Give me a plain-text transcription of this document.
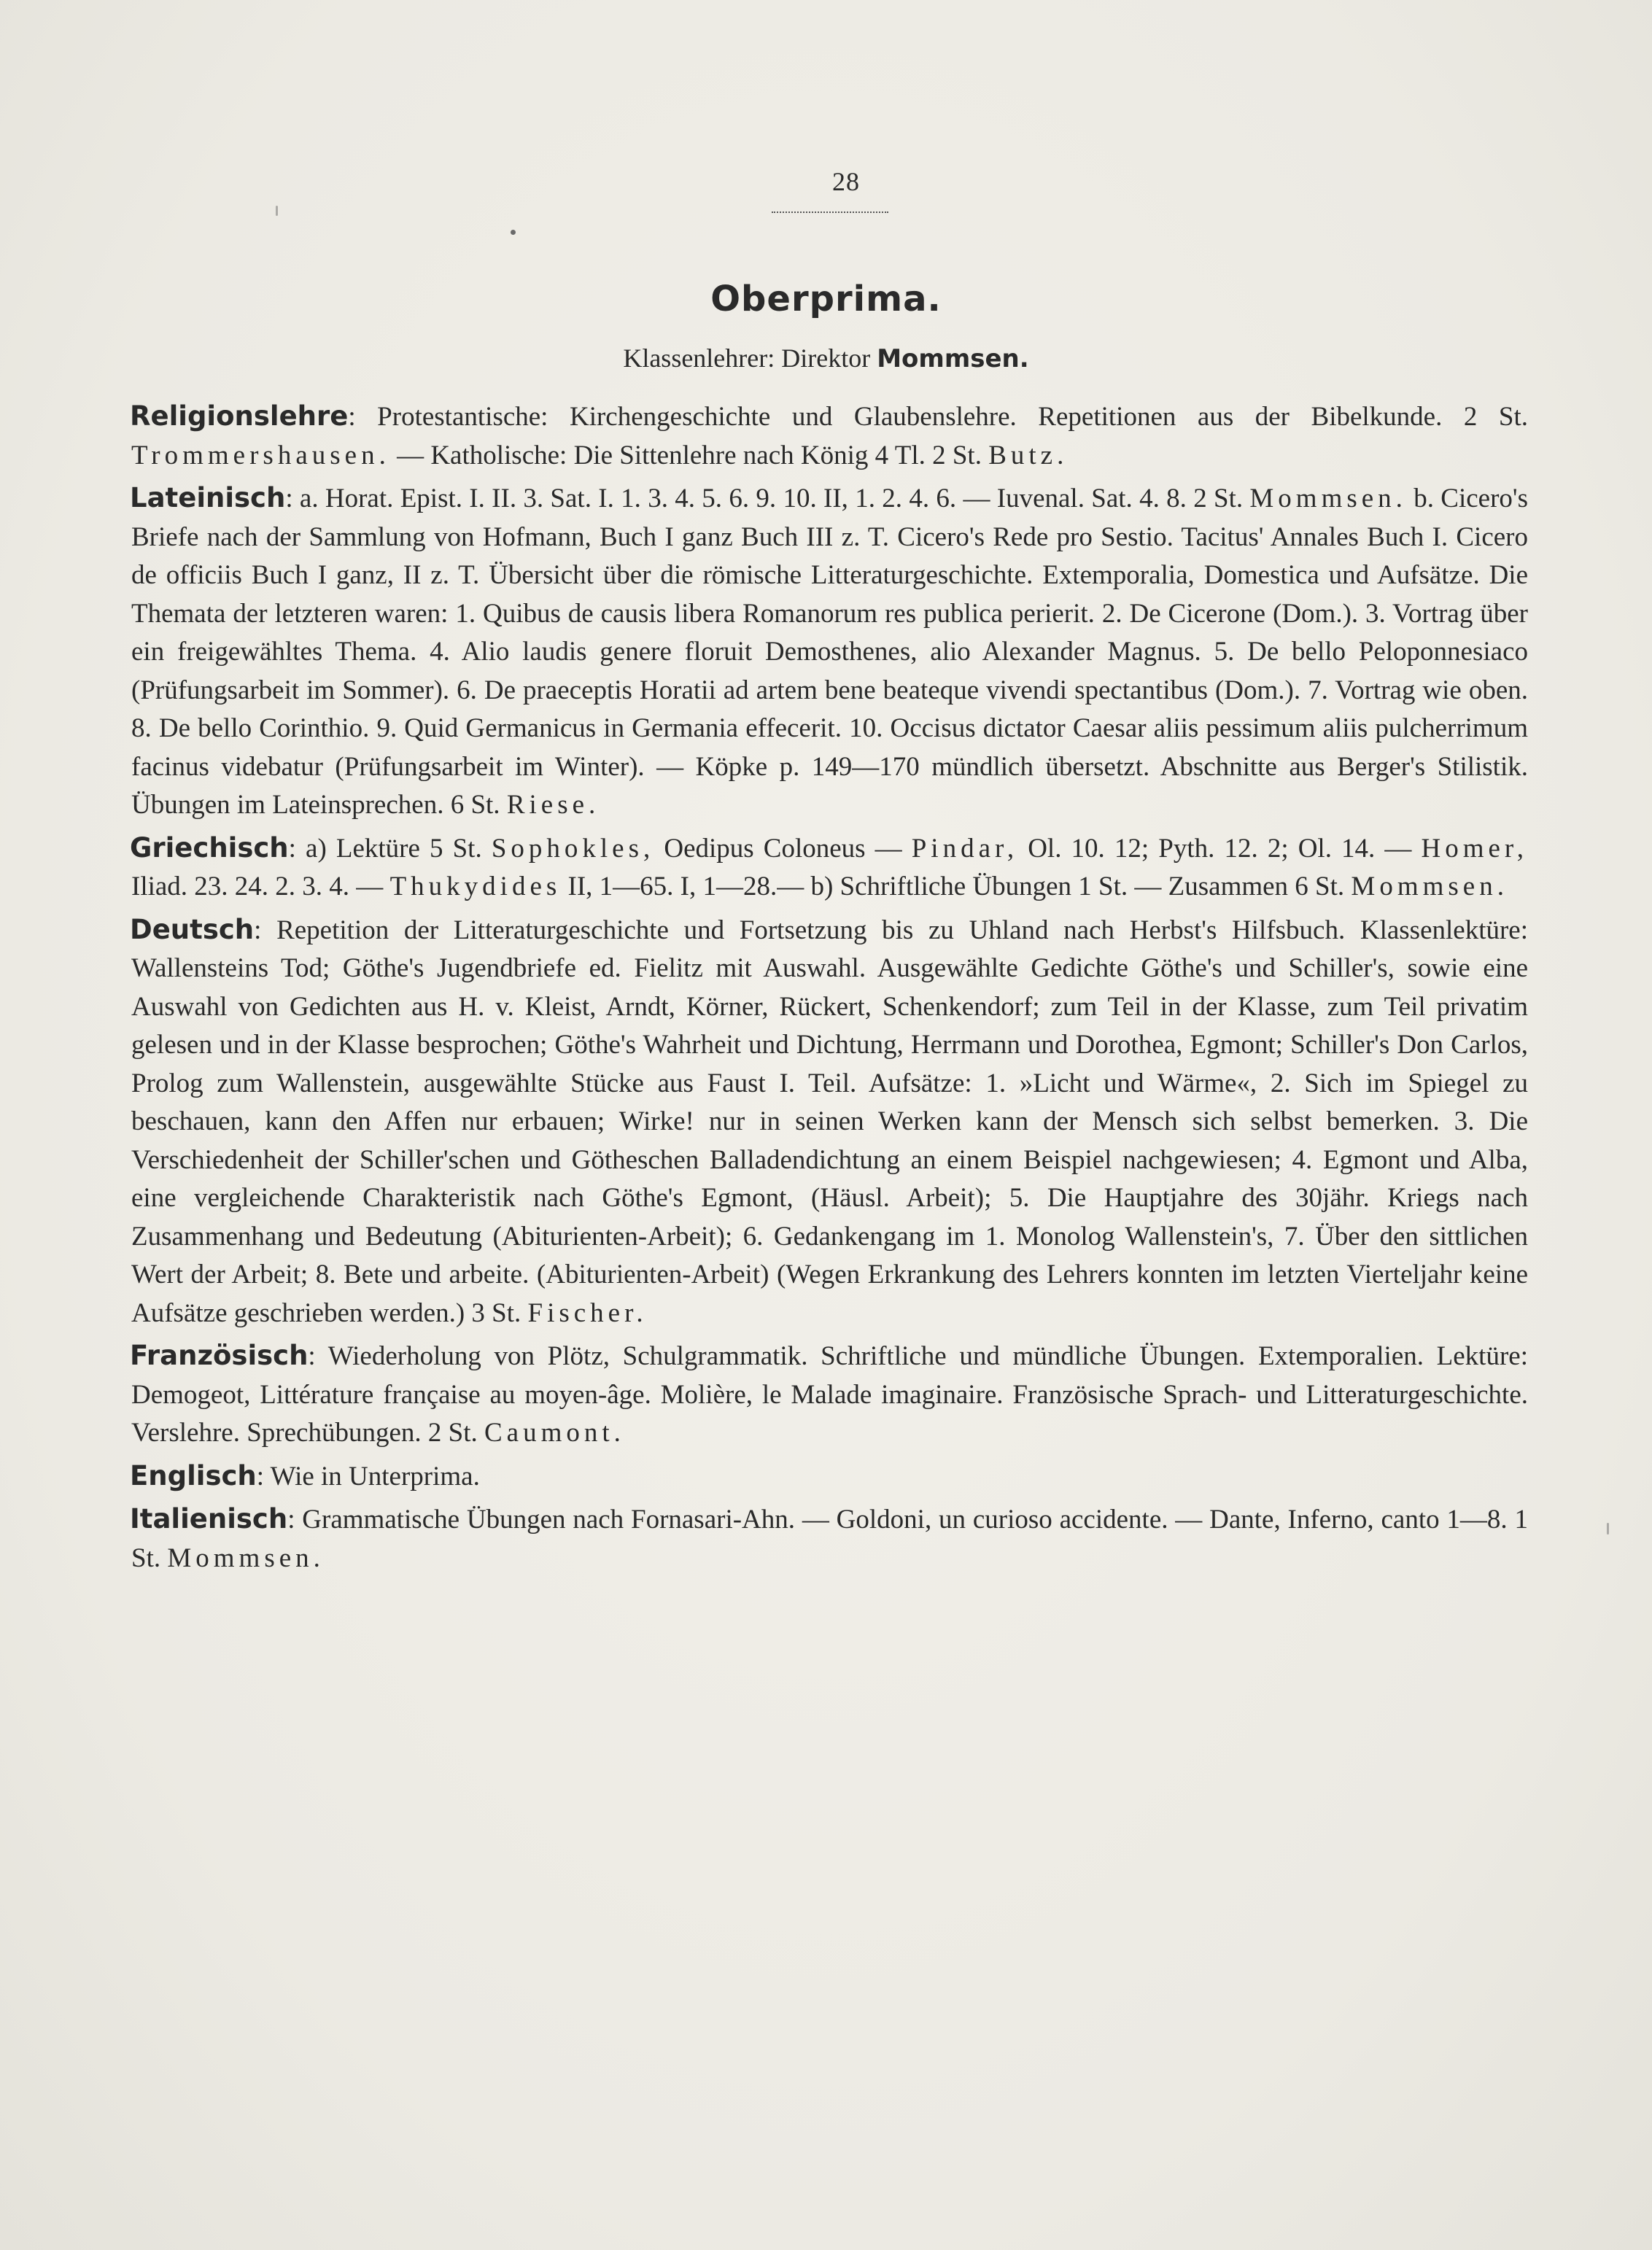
28
Oberprima.
Klassenlehrer: Direktor Mommsen.

Religionslehre: Protestantische: Kirchengeschichte und Glaubenslehre. Repetitionen aus der Bibelkunde. 2 St. Trommershausen. — Katholische: Die Sittenlehre nach König 4 Tl. 2 St. Butz.

Lateinisch: a. Horat. Epist. I. II. 3. Sat. I. 1. 3. 4. 5. 6. 9. 10. II, 1. 2. 4. 6. — Iuvenal. Sat. 4. 8. 2 St. Mommsen. b. Cicero's Briefe nach der Sammlung von Hofmann, Buch I ganz Buch III z. T. Cicero's Rede pro Sestio. Tacitus' Annales Buch I. Cicero de officiis Buch I ganz, II z. T. Übersicht über die römische Litteraturgeschichte. Extemporalia, Domestica und Aufsätze. Die Themata der letzteren waren: 1. Quibus de causis libera Romanorum res publica perierit. 2. De Cicerone (Dom.). 3. Vortrag über ein freigewähltes Thema. 4. Alio laudis genere floruit Demosthenes, alio Alexander Magnus. 5. De bello Peloponnesiaco (Prüfungsarbeit im Sommer). 6. De praeceptis Horatii ad artem bene beateque vivendi spectantibus (Dom.). 7. Vortrag wie oben. 8. De bello Corinthio. 9. Quid Germanicus in Germania effecerit. 10. Occisus dictator Caesar aliis pessimum aliis pulcherrimum facinus videbatur (Prüfungsarbeit im Winter). — Köpke p. 149—170 mündlich übersetzt. Abschnitte aus Berger's Stilistik. Übungen im Lateinsprechen. 6 St. Riese.

Griechisch: a) Lektüre 5 St. Sophokles, Oedipus Coloneus — Pindar, Ol. 10. 12; Pyth. 12. 2; Ol. 14. — Homer, Iliad. 23. 24. 2. 3. 4. — Thukydides II, 1—65. I, 1—28.— b) Schriftliche Übungen 1 St. — Zusammen 6 St. Mommsen.

Deutsch: Repetition der Litteraturgeschichte und Fortsetzung bis zu Uhland nach Herbst's Hilfsbuch. Klassenlektüre: Wallensteins Tod; Göthe's Jugendbriefe ed. Fielitz mit Auswahl. Ausgewählte Gedichte Göthe's und Schiller's, sowie eine Auswahl von Gedichten aus H. v. Kleist, Arndt, Körner, Rückert, Schenkendorf; zum Teil in der Klasse, zum Teil privatim gelesen und in der Klasse besprochen; Göthe's Wahrheit und Dichtung, Herrmann und Dorothea, Egmont; Schiller's Don Carlos, Prolog zum Wallenstein, ausgewählte Stücke aus Faust I. Teil. Aufsätze: 1. »Licht und Wärme«, 2. Sich im Spiegel zu beschauen, kann den Affen nur erbauen; Wirke! nur in seinen Werken kann der Mensch sich selbst bemerken. 3. Die Verschiedenheit der Schiller'schen und Götheschen Balladendichtung an einem Beispiel nachgewiesen; 4. Egmont und Alba, eine vergleichende Charakteristik nach Göthe's Egmont, (Häusl. Arbeit); 5. Die Hauptjahre des 30jähr. Kriegs nach Zusammenhang und Bedeutung (Abiturienten-Arbeit); 6. Gedankengang im 1. Monolog Wallenstein's, 7. Über den sittlichen Wert der Arbeit; 8. Bete und arbeite. (Abiturienten-Arbeit) (Wegen Erkrankung des Lehrers konnten im letzten Vierteljahr keine Aufsätze geschrieben werden.) 3 St. Fischer.

Französisch: Wiederholung von Plötz, Schulgrammatik. Schriftliche und mündliche Übungen. Extemporalien. Lektüre: Demogeot, Littérature française au moyen-âge. Molière, le Malade imaginaire. Französische Sprach- und Litteraturgeschichte. Verslehre. Sprechübungen. 2 St. Caumont.

Englisch: Wie in Unterprima.

Italienisch: Grammatische Übungen nach Fornasari-Ahn. — Goldoni, un curioso accidente. — Dante, Inferno, canto 1—8. 1 St. Mommsen.
